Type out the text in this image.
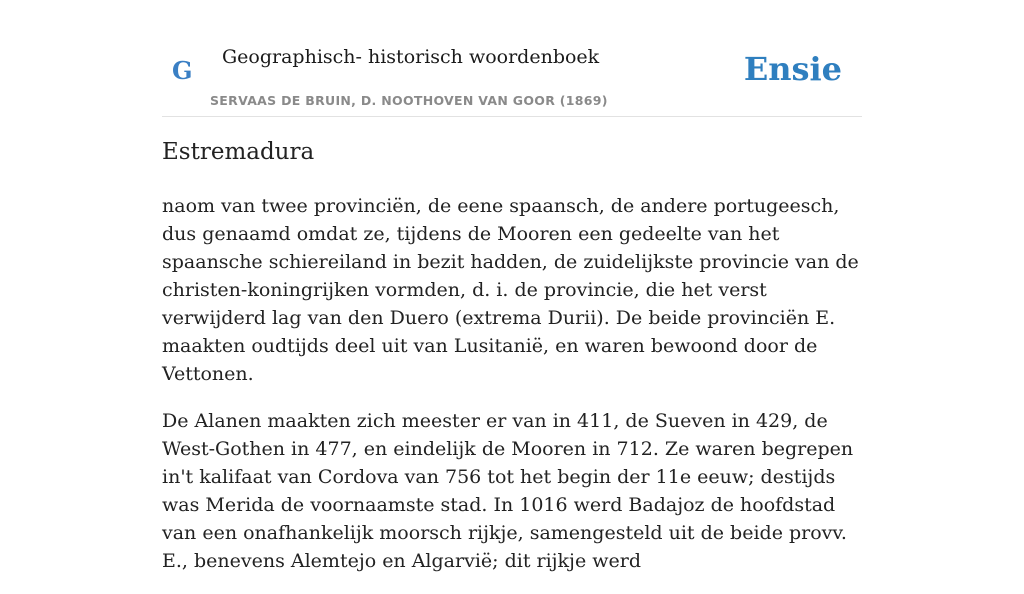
G	Geographisch- historisch woordenboek
SERVAAS DE BRUIN, D. NOOTHOVEN VAN GOOR (1869)
Ensie
Estremadura

naom van twee provinciën, de eene spaansch, de andere portugeesch, dus genaamd omdat ze, tijdens de Mooren een gedeelte van het spaansche schiereiland in bezit hadden, de zuidelijkste provincie van de christen-koningrijken vormden, d. i. de provincie, die het verst verwijderd lag van den Duero (extrema Durii). De beide provinciën E. maakten oudtijds deel uit van Lusitanië, en waren bewoond door de Vettonen.

De Alanen maakten zich meester er van in 411, de Sueven in 429, de West-Gothen in 477, en eindelijk de Mooren in 712. Ze waren begrepen in't kalifaat van Cordova van 756 tot het begin der 11e eeuw; destijds was Merida de voornaamste stad. In 1016 werd Badajoz de hoofdstad van een onafhankelijk moorsch rijkje, samengesteld uit de beide provv. E., benevens Alemtejo en Algarvië; dit rijkje werd
